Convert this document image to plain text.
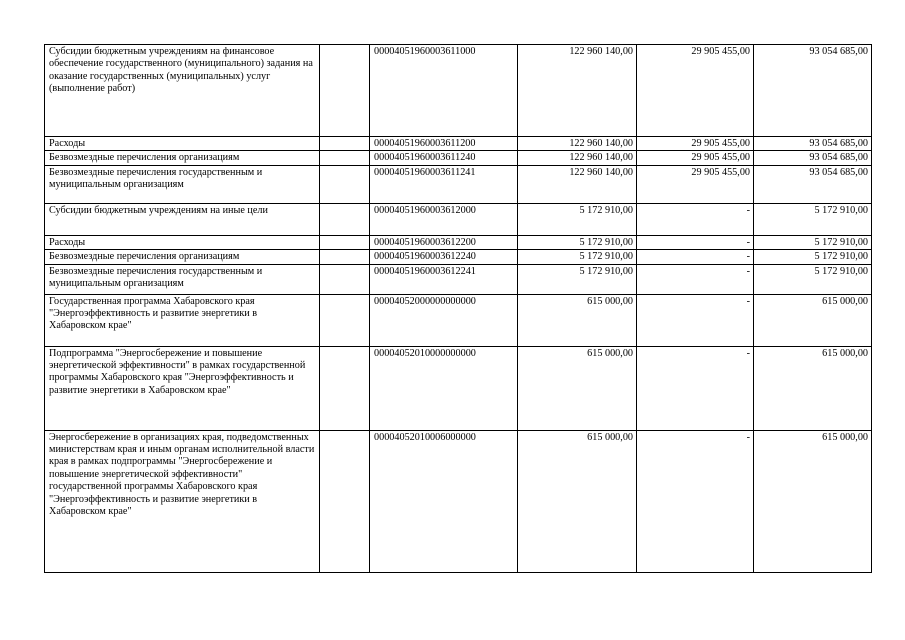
Субсидии бюджетным учреждениям на финансовое обеспечение государственного (муниципального) задания на оказание государственных (муниципальных) услуг (выполнение работ)		00004051960003611000	122 960 140,00	29 905 455,00	93 054 685,00
Расходы		00004051960003611200	122 960 140,00	29 905 455,00	93 054 685,00
Безвозмездные перечисления организациям		00004051960003611240	122 960 140,00	29 905 455,00	93 054 685,00
Безвозмездные перечисления государственным и муниципальным организациям		00004051960003611241	122 960 140,00	29 905 455,00	93 054 685,00
Субсидии бюджетным учреждениям на иные цели		00004051960003612000	5 172 910,00	-	5 172 910,00
Расходы		00004051960003612200	5 172 910,00	-	5 172 910,00
Безвозмездные перечисления организациям		00004051960003612240	5 172 910,00	-	5 172 910,00
Безвозмездные перечисления государственным и муниципальным организациям		00004051960003612241	5 172 910,00	-	5 172 910,00
Государственная программа Хабаровского края "Энергоэффективность и развитие энергетики в Хабаровском крае"		00004052000000000000	615 000,00	-	615 000,00
Подпрограмма "Энергосбережение и повышение энергетической эффективности" в рамках государственной программы Хабаровского края "Энергоэффективность и развитие энергетики в Хабаровском крае"		00004052010000000000	615 000,00	-	615 000,00
Энергосбережение в организациях края, подведомственных министерствам края и иным органам исполнительной власти края в рамках подпрограммы "Энергосбережение и повышение энергетической эффективности" государственной программы Хабаровского края "Энергоэффективность и развитие энергетики в Хабаровском крае"		00004052010006000000	615 000,00	-	615 000,00
